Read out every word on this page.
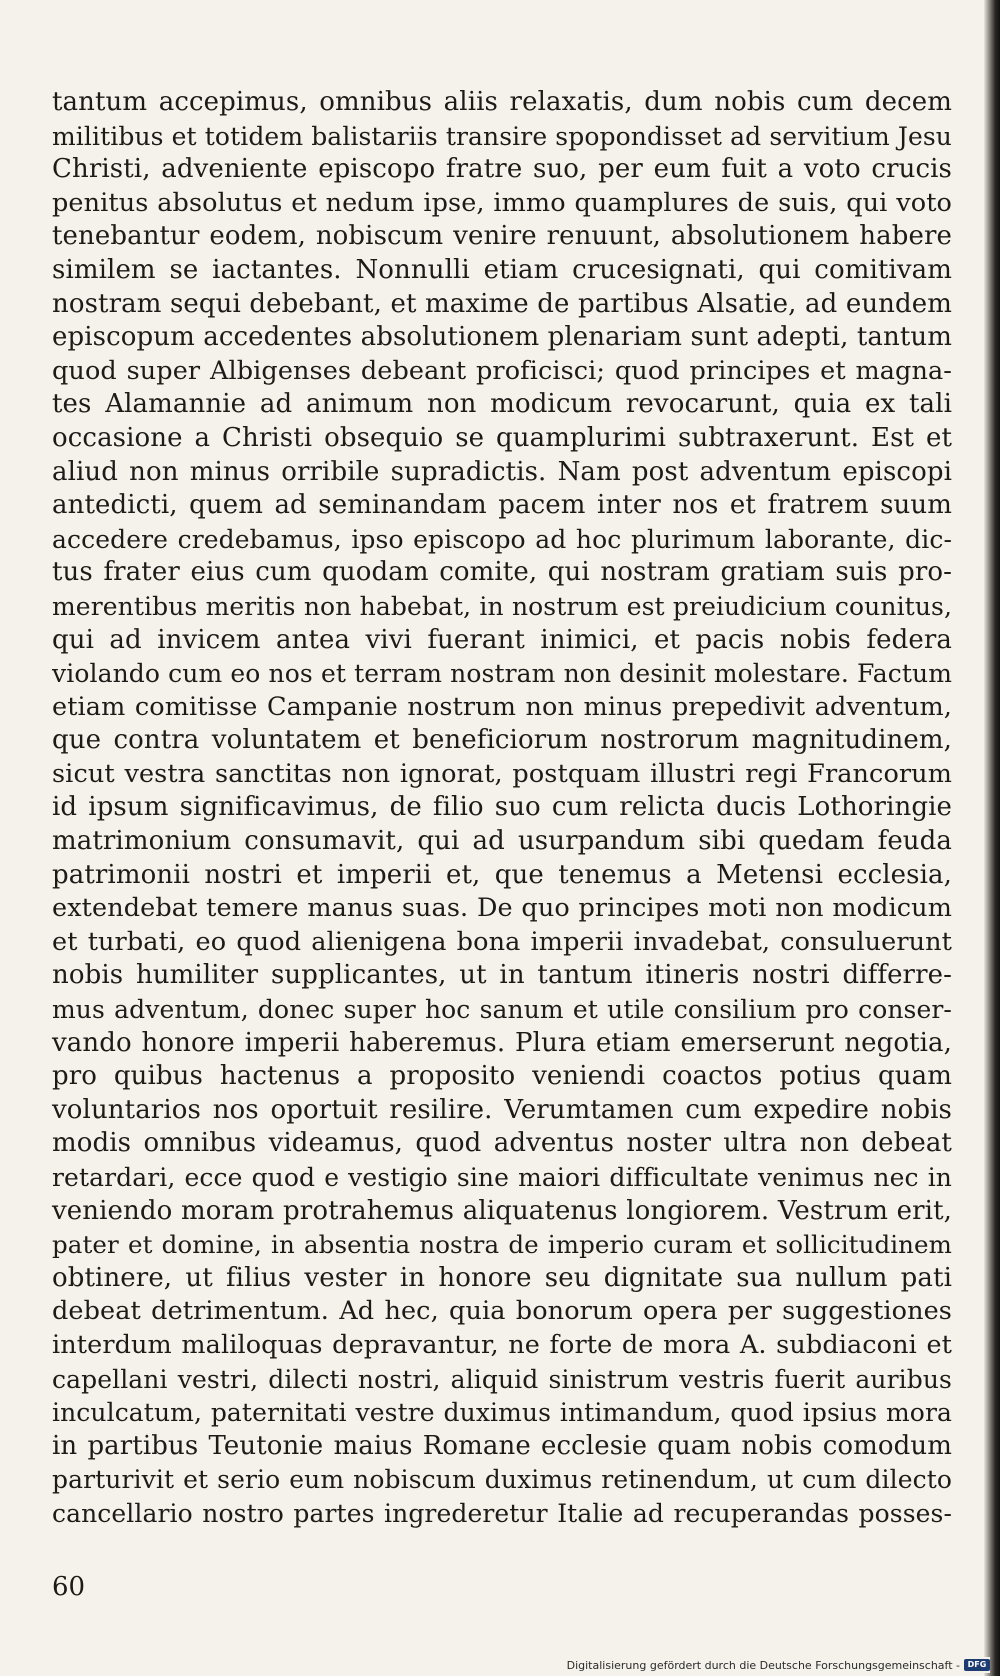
tantum accepimus, omnibus aliis relaxatis, dum nobis cum decem
militibus et totidem balistariis transire spopondisset ad servitium Jesu
Christi, adveniente episcopo fratre suo, per eum fuit a voto crucis
penitus absolutus et nedum ipse, immo quamplures de suis, qui voto
tenebantur eodem, nobiscum venire renuunt, absolutionem habere
similem se iactantes. Nonnulli etiam crucesignati, qui comitivam
nostram sequi debebant, et maxime de partibus Alsatie, ad eundem
episcopum accedentes absolutionem plenariam sunt adepti, tantum
quod super Albigenses debeant proficisci; quod principes et magna-
tes Alamannie ad animum non modicum revocarunt, quia ex tali
occasione a Christi obsequio se quamplurimi subtraxerunt. Est et
aliud non minus orribile supradictis. Nam post adventum episcopi
antedicti, quem ad seminandam pacem inter nos et fratrem suum
accedere credebamus, ipso episcopo ad hoc plurimum laborante, dic-
tus frater eius cum quodam comite, qui nostram gratiam suis pro-
merentibus meritis non habebat, in nostrum est preiudicium counitus,
qui ad invicem antea vivi fuerant inimici, et pacis nobis federa
violando cum eo nos et terram nostram non desinit molestare. Factum
etiam comitisse Campanie nostrum non minus prepedivit adventum,
que contra voluntatem et beneficiorum nostrorum magnitudinem,
sicut vestra sanctitas non ignorat, postquam illustri regi Francorum
id ipsum significavimus, de filio suo cum relicta ducis Lothoringie
matrimonium consumavit, qui ad usurpandum sibi quedam feuda
patrimonii nostri et imperii et, que tenemus a Metensi ecclesia,
extendebat temere manus suas. De quo principes moti non modicum
et turbati, eo quod alienigena bona imperii invadebat, consuluerunt
nobis humiliter supplicantes, ut in tantum itineris nostri differre-
mus adventum, donec super hoc sanum et utile consilium pro conser-
vando honore imperii haberemus. Plura etiam emerserunt negotia,
pro quibus hactenus a proposito veniendi coactos potius quam
voluntarios nos oportuit resilire. Verumtamen cum expedire nobis
modis omnibus videamus, quod adventus noster ultra non debeat
retardari, ecce quod e vestigio sine maiori difficultate venimus nec in
veniendo moram protrahemus aliquatenus longiorem. Vestrum erit,
pater et domine, in absentia nostra de imperio curam et sollicitudinem
obtinere, ut filius vester in honore seu dignitate sua nullum pati
debeat detrimentum. Ad hec, quia bonorum opera per suggestiones
interdum maliloquas depravantur, ne forte de mora A. subdiaconi et
capellani vestri, dilecti nostri, aliquid sinistrum vestris fuerit auribus
inculcatum, paternitati vestre duximus intimandum, quod ipsius mora
in partibus Teutonie maius Romane ecclesie quam nobis comodum
parturivit et serio eum nobiscum duximus retinendum, ut cum dilecto
cancellario nostro partes ingrederetur Italie ad recuperandas posses-
60
Digitalisierung gefördert durch die Deutsche Forschungsgemeinschaft - DFG
